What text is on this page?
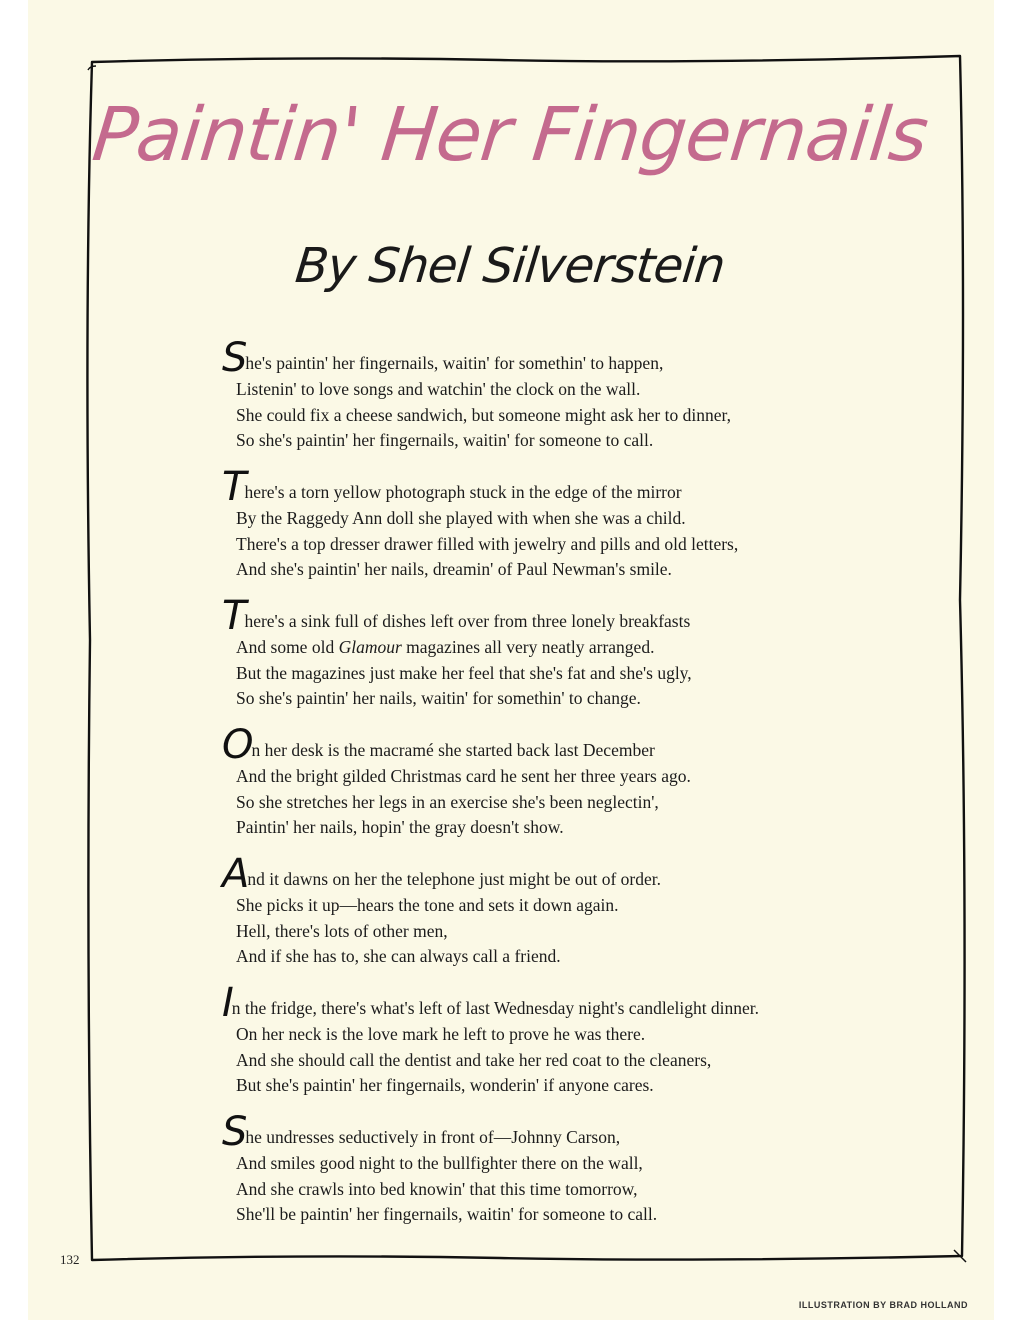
Paintin' Her Fingernails
By Shel Silverstein
She's paintin' her fingernails, waitin' for somethin' to happen,
Listenin' to love songs and watchin' the clock on the wall.
She could fix a cheese sandwich, but someone might ask her to dinner,
So she's paintin' her fingernails, waitin' for someone to call.
There's a torn yellow photograph stuck in the edge of the mirror
By the Raggedy Ann doll she played with when she was a child.
There's a top dresser drawer filled with jewelry and pills and old letters,
And she's paintin' her nails, dreamin' of Paul Newman's smile.
There's a sink full of dishes left over from three lonely breakfasts
And some old Glamour magazines all very neatly arranged.
But the magazines just make her feel that she's fat and she's ugly,
So she's paintin' her nails, waitin' for somethin' to change.
On her desk is the macramé she started back last December
And the bright gilded Christmas card he sent her three years ago.
So she stretches her legs in an exercise she's been neglectin',
Paintin' her nails, hopin' the gray doesn't show.
And it dawns on her the telephone just might be out of order.
She picks it up—hears the tone and sets it down again.
Hell, there's lots of other men,
And if she has to, she can always call a friend.
In the fridge, there's what's left of last Wednesday night's candlelight dinner.
On her neck is the love mark he left to prove he was there.
And she should call the dentist and take her red coat to the cleaners,
But she's paintin' her fingernails, wonderin' if anyone cares.
She undresses seductively in front of—Johnny Carson,
And smiles good night to the bullfighter there on the wall,
And she crawls into bed knowin' that this time tomorrow,
She'll be paintin' her fingernails, waitin' for someone to call.
132
ILLUSTRATION BY BRAD HOLLAND
